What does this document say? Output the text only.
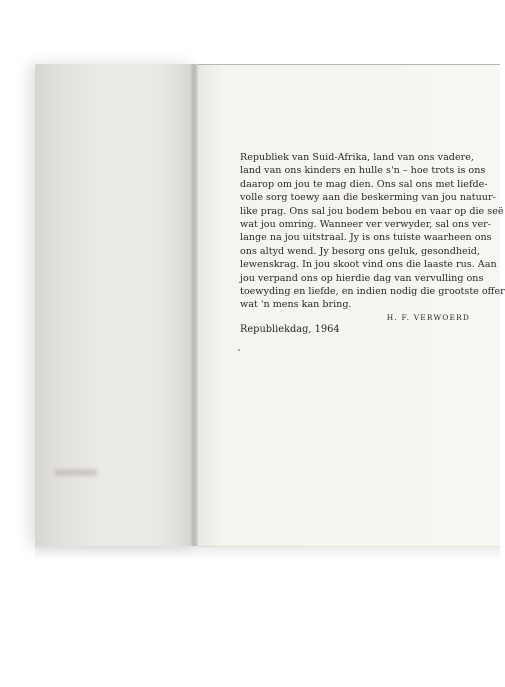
Republiek van Suid-Afrika, land van ons vadere,
land van ons kinders en hulle s'n – hoe trots is ons
daarop om jou te mag dien. Ons sal ons met liefde-
volle sorg toewy aan die beskerming van jou natuur-
like prag. Ons sal jou bodem bebou en vaar op die seë
wat jou omring. Wanneer ver verwyder, sal ons ver-
lange na jou uitstraal. Jy is ons tuiste waarheen ons
ons altyd wend. Jy besorg ons geluk, gesondheid,
lewenskrag. In jou skoot vind ons die laaste rus. Aan
jou verpand ons op hierdie dag van vervulling ons
toewyding en liefde, en indien nodig die grootste offer
wat 'n mens kan bring.
H. F. VERWOERD
Republiekdag, 1964
